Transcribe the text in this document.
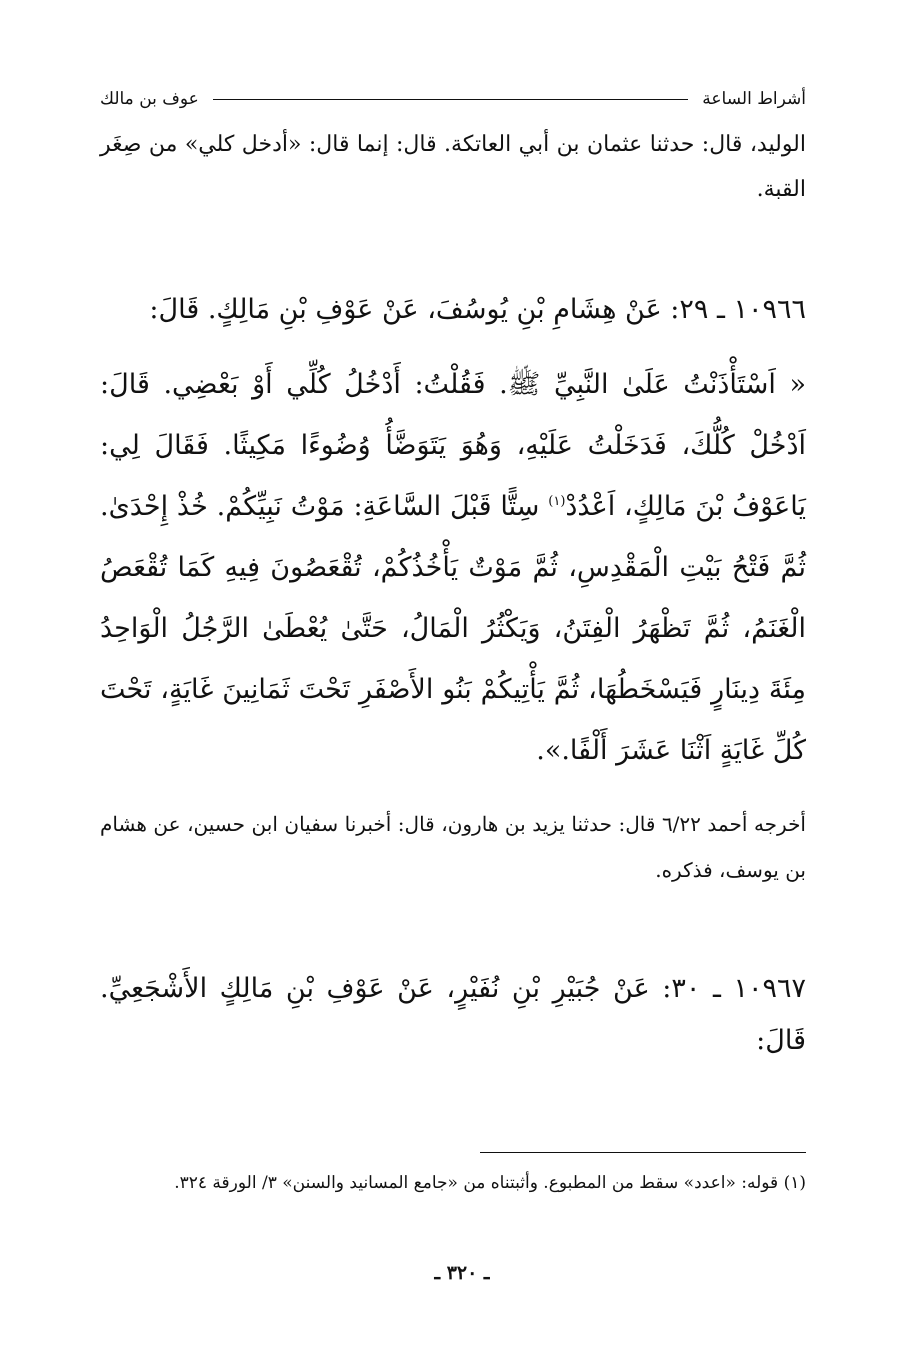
أشراط الساعة
عوف بن مالك

الوليد، قال: حدثنا عثمان بن أبي العاتكة. قال: إنما قال: «أدخل كلي» من صِغَر القبة.

١٠٩٦٦ ـ ٢٩: عَنْ هِشَامِ بْنِ يُوسُفَ، عَنْ عَوْفِ بْنِ مَالِكٍ. قَالَ:

« اَسْتَأْذَنْتُ عَلَىٰ النَّبِيِّ ﷺ. فَقُلْتُ: أَدْخُلُ كُلِّي أَوْ بَعْضِي. قَالَ: اَدْخُلْ كُلُّكَ، فَدَخَلْتُ عَلَيْهِ، وَهُوَ يَتَوَضَّأُ وُضُوءًا مَكِيثًا. فَقَالَ لِي: يَاعَوْفُ بْنَ مَالِكٍ، اَعْدُدْ$^{(١)}$ سِتًّا قَبْلَ السَّاعَةِ: مَوْتُ نَبِيِّكُمْ. خُذْ إِحْدَىٰ. ثُمَّ فَتْحُ بَيْتِ الْمَقْدِسِ، ثُمَّ مَوْتٌ يَأْخُذُكُمْ، تُقْعَصُونَ فِيهِ كَمَا تُقْعَصُ الْغَنَمُ، ثُمَّ تَظْهَرُ الْفِتَنُ، وَيَكْثُرُ الْمَالُ، حَتَّىٰ يُعْطَىٰ الرَّجُلُ الْوَاحِدُ مِئَةَ دِينَارٍ فَيَسْخَطُهَا، ثُمَّ يَأْتِيكُمْ بَنُو الأَصْفَرِ تَحْتَ ثَمَانِينَ غَايَةٍ، تَحْتَ كُلِّ غَايَةٍ اَثْنَا عَشَرَ أَلْفًا.».

أخرجه أحمد ٦/٢٢ قال: حدثنا يزيد بن هارون، قال: أخبرنا سفيان ابن حسين، عن هشام بن يوسف، فذكره.

١٠٩٦٧ ـ ٣٠: عَنْ جُبَيْرِ بْنِ نُفَيْرٍ، عَنْ عَوْفِ بْنِ مَالِكٍ الأَشْجَعِيِّ. قَالَ:

(١) قوله: «اعدد» سقط من المطبوع. وأثبتناه من «جامع المسانيد والسنن» ٣/ الورقة ٣٢٤.

ـ ٣٢٠ ـ
